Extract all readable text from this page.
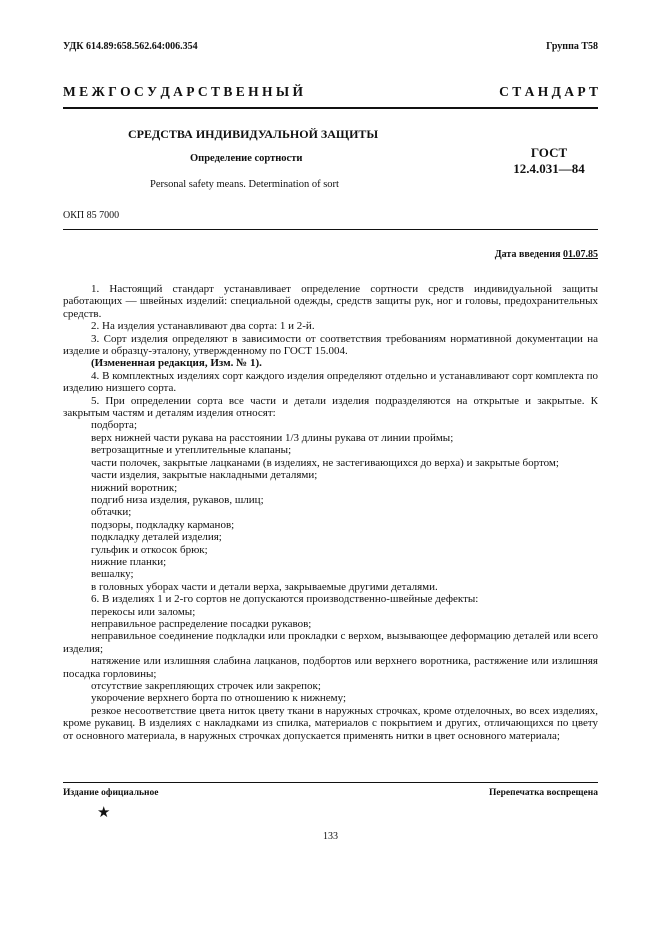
УДК 614.89:658.562.64:006.354	Группа Т58
М Е Ж Г О С У Д А Р С Т В Е Н Н Ы Й	С Т А Н Д А Р Т
СРЕДСТВА ИНДИВИДУАЛЬНОЙ ЗАЩИТЫ
Определение сортности
Personal safety means. Determination of sort
ГОСТ
12.4.031—84
ОКП 85 7000
Дата введения 01.07.85

1. Настоящий стандарт устанавливает определение сортности средств индивидуальной защиты работающих — швейных изделий: специальной одежды, средств защиты рук, ног и головы, предохранительных средств.

2. На изделия устанавливают два сорта: 1 и 2-й.

3. Сорт изделия определяют в зависимости от соответствия требованиям нормативной документации на изделие и образцу-эталону, утвержденному по ГОСТ 15.004.

(Измененная редакция, Изм. № 1).

4. В комплектных изделиях сорт каждого изделия определяют отдельно и устанавливают сорт комплекта по изделию низшего сорта.

5. При определении сорта все части и детали изделия подразделяются на открытые и закрытые. К закрытым частям и деталям изделия относят:

подборта;

верх нижней части рукава на расстоянии 1/3 длины рукава от линии проймы;

ветрозащитные и утеплительные клапаны;

части полочек, закрытые лацканами (в изделиях, не застегивающихся до верха) и закрытые бортом;

части изделия, закрытые накладными деталями;

нижний воротник;

подгиб низа изделия, рукавов, шлиц;

обтачки;

подзоры, подкладку карманов;

подкладку деталей изделия;

гульфик и откосок брюк;

нижние планки;

вешалку;

в головных уборах части и детали верха, закрываемые другими деталями.

6. В изделиях 1 и 2-го сортов не допускаются производственно-швейные дефекты:

перекосы или заломы;

неправильное распределение посадки рукавов;

неправильное соединение подкладки или прокладки с верхом, вызывающее деформацию деталей или всего изделия;

натяжение или излишняя слабина лацканов, подбортов или верхнего воротника, растяжение или излишняя посадка горловины;

отсутствие закрепляющих строчек или закрепок;

укорочение верхнего борта по отношению к нижнему;

резкое несоответствие цвета ниток цвету ткани в наружных строчках, кроме отделочных, во всех изделиях, кроме рукавиц. В изделиях с накладками из спилка, материалов с покрытием и других, отличающихся по цвету от основного материала, в наружных строчках допускается применять нитки в цвет основного материала;

Издание официальное	Перепечатка воспрещена
★
133
